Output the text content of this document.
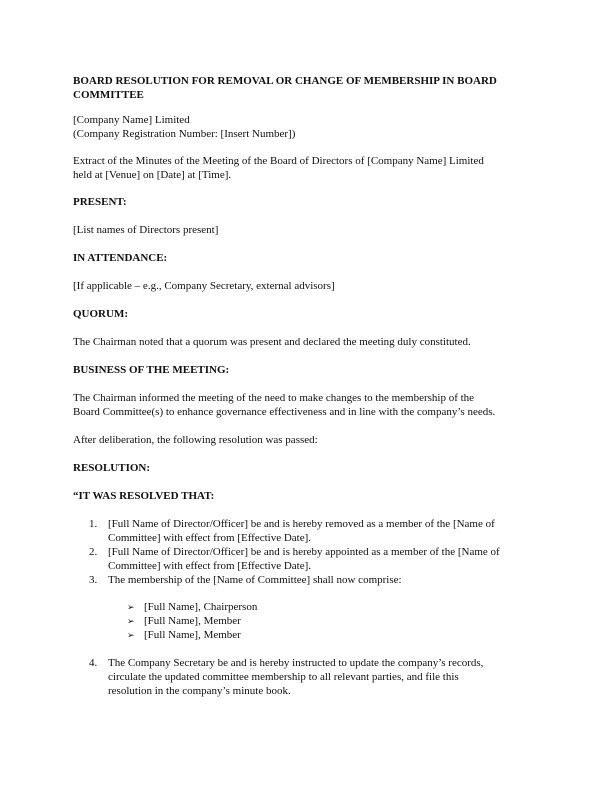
BOARD RESOLUTION FOR REMOVAL OR CHANGE OF MEMBERSHIP IN BOARD
COMMITTEE
[Company Name] Limited
(Company Registration Number: [Insert Number])
Extract of the Minutes of the Meeting of the Board of Directors of [Company Name] Limited
held at [Venue] on [Date] at [Time].
PRESENT:
[List names of Directors present]
IN ATTENDANCE:
[If applicable – e.g., Company Secretary, external advisors]
QUORUM:
The Chairman noted that a quorum was present and declared the meeting duly constituted.
BUSINESS OF THE MEETING:
The Chairman informed the meeting of the need to make changes to the membership of the
Board Committee(s) to enhance governance effectiveness and in line with the company’s needs.
After deliberation, the following resolution was passed:
RESOLUTION:
“IT WAS RESOLVED THAT:
1. [Full Name of Director/Officer] be and is hereby removed as a member of the [Name of
Committee] with effect from [Effective Date].
2. [Full Name of Director/Officer] be and is hereby appointed as a member of the [Name of
Committee] with effect from [Effective Date].
3. The membership of the [Name of Committee] shall now comprise:
➢ [Full Name], Chairperson
➢ [Full Name], Member
➢ [Full Name], Member
4. The Company Secretary be and is hereby instructed to update the company’s records,
circulate the updated committee membership to all relevant parties, and file this
resolution in the company’s minute book.
